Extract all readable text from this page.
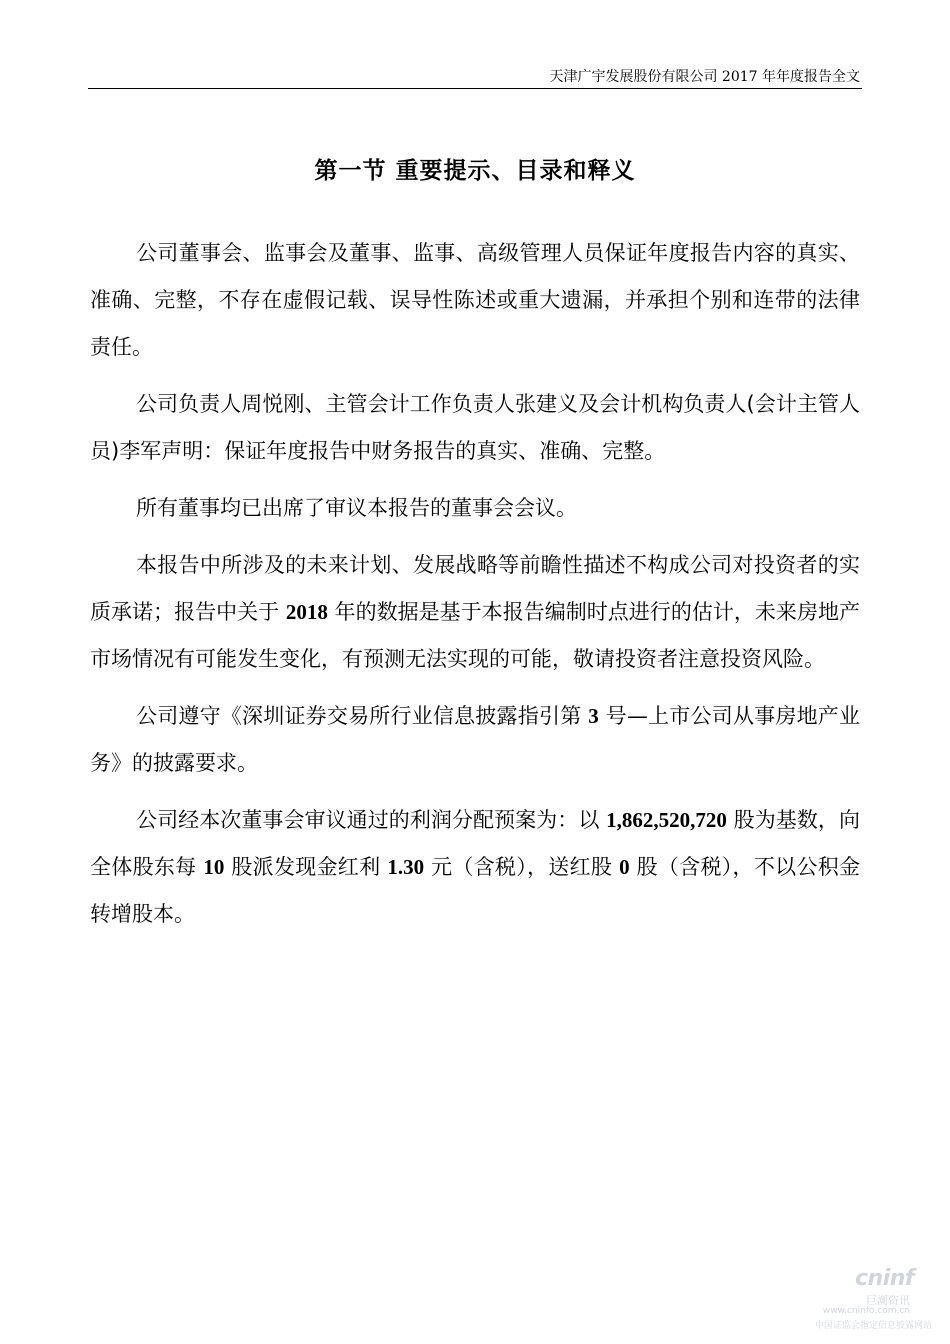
天津广宇发展股份有限公司 2017 年年度报告全文
第一节 重要提示、目录和释义

公司董事会、监事会及董事、监事、高级管理人员保证年度报告内容的真实、准确、完整，不存在虚假记载、误导性陈述或重大遗漏，并承担个别和连带的法律责任。

公司负责人周悦刚、主管会计工作负责人张建义及会计机构负责人(会计主管人员)李军声明：保证年度报告中财务报告的真实、准确、完整。

所有董事均已出席了审议本报告的董事会会议。

本报告中所涉及的未来计划、发展战略等前瞻性描述不构成公司对投资者的实质承诺；报告中关于 2018 年的数据是基于本报告编制时点进行的估计，未来房地产市场情况有可能发生变化，有预测无法实现的可能，敬请投资者注意投资风险。

公司遵守《深圳证券交易所行业信息披露指引第 3 号—上市公司从事房地产业务》的披露要求。

公司经本次董事会审议通过的利润分配预案为：以 1,862,520,720 股为基数，向全体股东每 10 股派发现金红利 1.30 元（含税），送红股 0 股（含税），不以公积金转增股本。

cninf
巨潮资讯
www.cninfo.com.cn
中国证监会指定信息披露网站
